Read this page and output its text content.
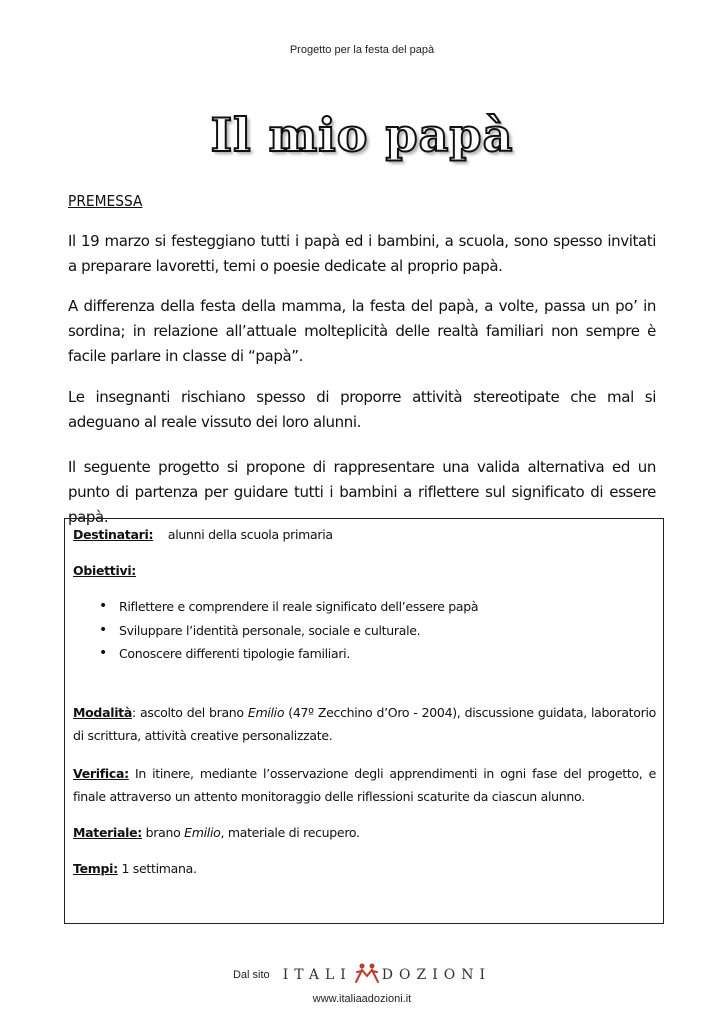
Progetto per la festa del papà
Il mio papà
PREMESSA

Il 19 marzo si festeggiano tutti i papà ed i bambini, a scuola, sono spesso invitati a preparare lavoretti, temi o poesie dedicate al proprio papà.

A differenza della festa della mamma, la festa del papà, a volte, passa un po’ in sordina; in relazione all’attuale molteplicità delle realtà familiari non sempre è facile parlare in classe di “papà”.

Le insegnanti rischiano spesso di proporre attività stereotipate che mal si adeguano al reale vissuto dei loro alunni.

Il seguente progetto si propone di rappresentare una valida alternativa ed un punto di partenza per guidare tutti i bambini a riflettere sul significato di essere papà.

Destinatari: alunni della scuola primaria

Obiettivi:

• Riflettere e comprendere il reale significato dell’essere papà
• Sviluppare l’identità personale, sociale e culturale.
• Conoscere differenti tipologie familiari.

Modalità: ascolto del brano Emilio (47º Zecchino d’Oro - 2004), discussione guidata, laboratorio di scrittura, attività creative personalizzate.

Verifica: In itinere, mediante l’osservazione degli apprendimenti in ogni fase del progetto, e finale attraverso un attento monitoraggio delle riflessioni scaturite da ciascun alunno.

Materiale: brano Emilio, materiale di recupero.

Tempi: 1 settimana.

Dal sito ITALI DOZIONI
www.italiaadozioni.it
